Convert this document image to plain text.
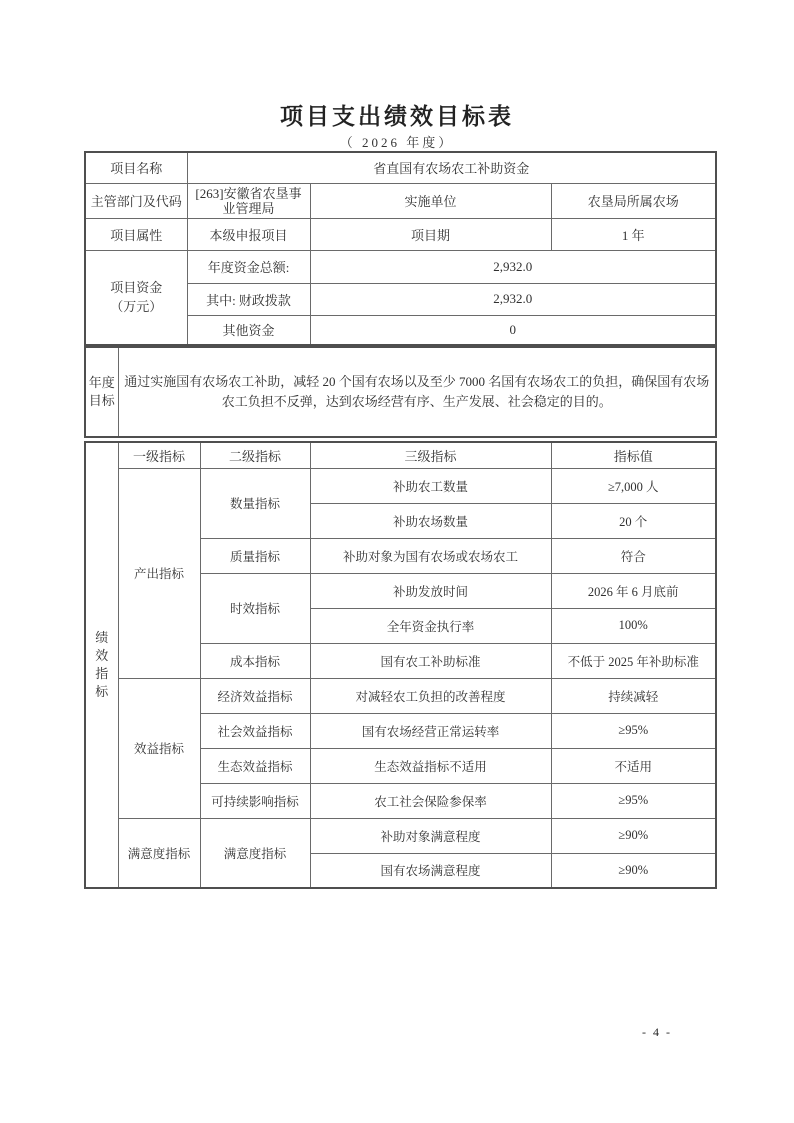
项目支出绩效目标表
（ 2026 年度）
项目名称	省直国有农场农工补助资金		
主管部门及代码	[263]安徽省农垦事业管理局	实施单位	农垦局所属农场
项目属性	本级申报项目	项目期	1 年

项目资金
（万元）	年度资金总额:	2,932.0	
	其中: 财政拨款	2,932.0	
	其他资金	0	
年度
目标
	通过实施国有农场农工补助，减轻 20 个国有农场以及至少 7000 名国有农场农工的负担，确保国有农场农工负担不反弹，达到农场经营有序、生产发展、社会稳定的目的。
绩效指标	一级指标	二级指标	三级指标	指标值
	产出指标	数量指标	补助农工数量	≥7,000 人
			补助农场数量	20 个
		质量指标	补助对象为国有农场或农场农工	符合
		时效指标	补助发放时间	2026 年 6 月底前
			全年资金执行率	100%
		成本指标	国有农工补助标准	不低于 2025 年补助标准
	效益指标	经济效益指标	对减轻农工负担的改善程度	持续减轻
		社会效益指标	国有农场经营正常运转率	≥95%
		生态效益指标	生态效益指标不适用	不适用
		可持续影响指标	农工社会保险参保率	≥95%
	满意度指标	满意度指标	补助对象满意程度	≥90%
			国有农场满意程度	≥90%
- 4 -
